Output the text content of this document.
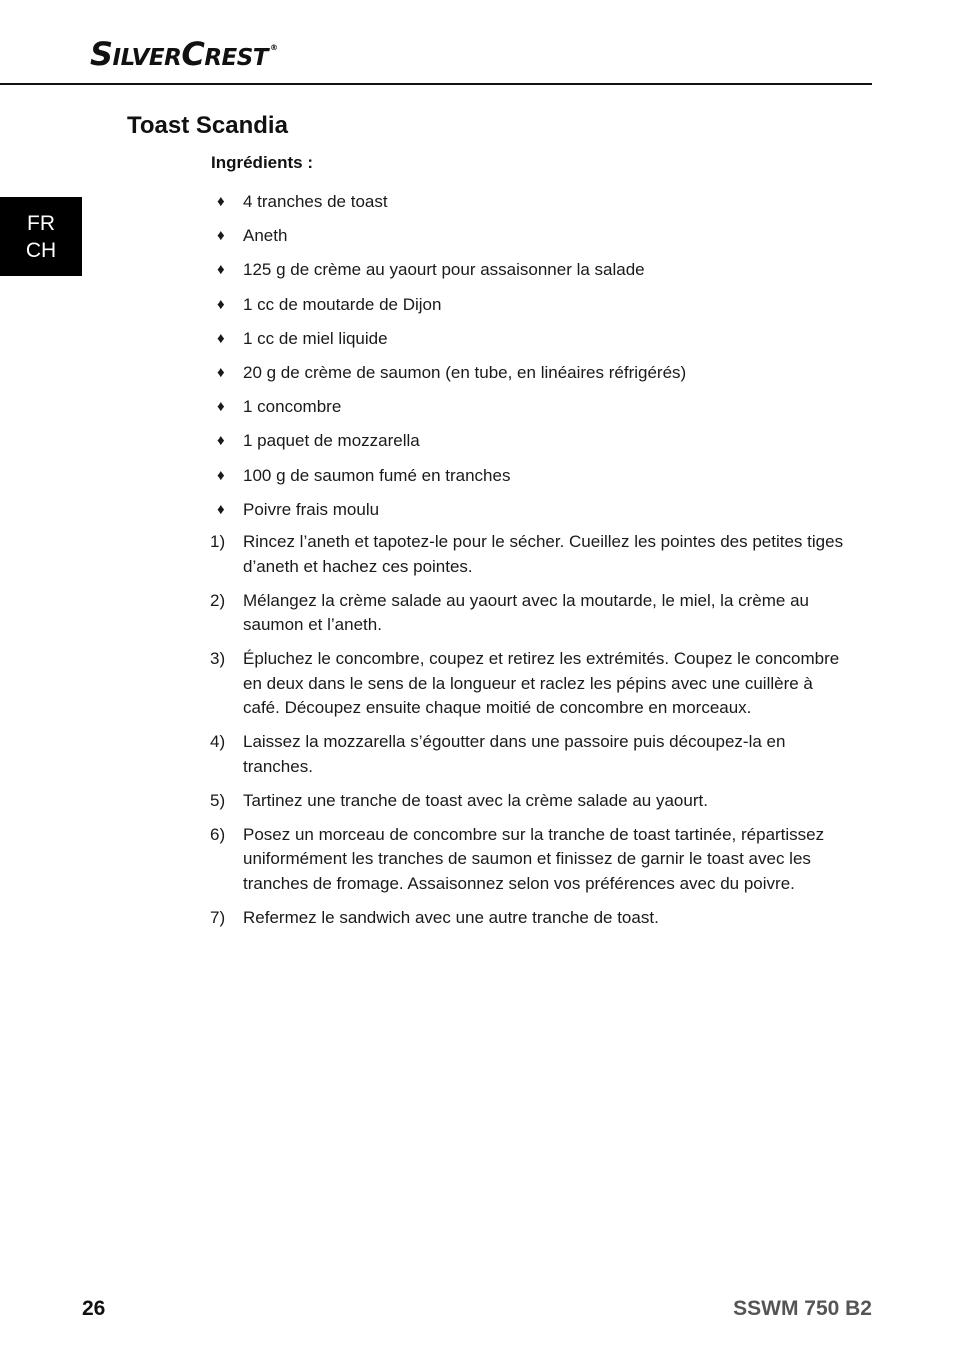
SILVERCREST ®
FR
CH
Toast Scandia
Ingrédients :
♦	4 tranches de toast
♦	Aneth
♦	125 g de crème au yaourt pour assaisonner la salade
♦	1 cc de moutarde de Dijon
♦	1 cc de miel liquide
♦	20 g de crème de saumon (en tube, en linéaires réfrigérés)
♦	1 concombre
♦	1 paquet de mozzarella
♦	100 g de saumon fumé en tranches
♦	Poivre frais moulu
1)	Rincez l’aneth et tapotez-le pour le sécher. Cueillez les pointes des petites tiges d’aneth et hachez ces pointes.
2)	Mélangez la crème salade au yaourt avec la moutarde, le miel, la crème au saumon et l’aneth.
3)	Épluchez le concombre, coupez et retirez les extrémités. Coupez le concombre en deux dans le sens de la longueur et raclez les pépins avec une cuillère à café. Découpez ensuite chaque moitié de concombre en morceaux.
4)	Laissez la mozzarella s’égoutter dans une passoire puis découpez-la en tranches.
5)	Tartinez une tranche de toast avec la crème salade au yaourt.
6)	Posez un morceau de concombre sur la tranche de toast tartinée, répartissez uniformément les tranches de saumon et finissez de garnir le toast avec les tranches de fromage. Assaisonnez selon vos préférences avec du poivre.
7)	Refermez le sandwich avec une autre tranche de toast.
26	SSWM 750 B2
